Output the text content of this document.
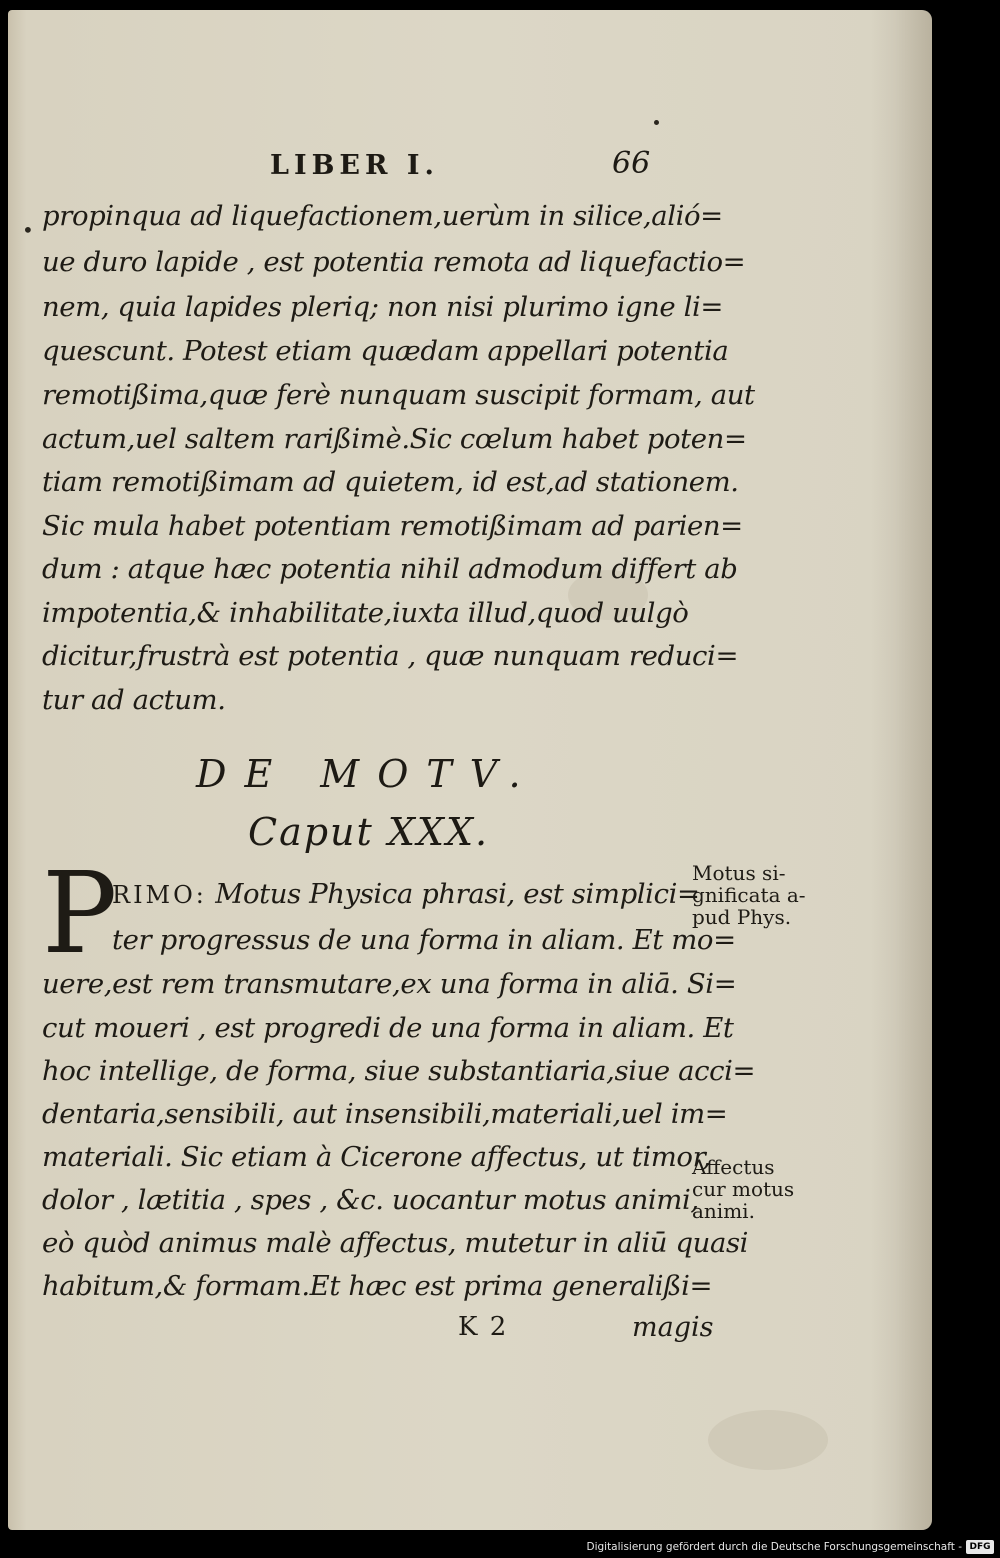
LIBER I.	66
• propinqua ad liquefactionem,uerùm in silice,alió=
ue duro lapide , est potentia remota ad liquefactio=
nem, quia lapides pleriq; non nisi plurimo igne li=
quescunt. Potest etiam quædam appellari potentia
remotißima,quæ ferè nunquam suscipit formam, aut
actum,uel saltem rarißimè.Sic cœlum habet poten=
tiam remotißimam ad quietem, id est,ad stationem.
Sic mula habet potentiam remotißimam ad parien=
dum : atque hæc potentia nihil admodum differt ab
impotentia,& inhabilitate,iuxta illud,quod uulgò
dicitur,frustrà est potentia , quæ nunquam reduci=
tur ad actum.
DE MOTV.
Caput XXX.
P
RIMO: Motus Physica phrasi, est simplici=
ter progressus de una forma in aliam. Et mo=
uere,est rem transmutare,ex una forma in aliā. Si=
cut moueri , est progredi de una forma in aliam. Et
hoc intellige, de forma, siue substantiaria,siue acci=
dentaria,sensibili, aut insensibili,materiali,uel im=
materiali. Sic etiam à Cicerone affectus, ut timor,
dolor , lætitia , spes , &c. uocantur motus animi,
eò quòd animus malè affectus, mutetur in aliū quasi
habitum,& formam.Et hæc est prima generalißi=
Motus si-
gnificata a-
pud Phys.
Affectus
cur motus
animi.
K 2	magis
Digitalisierung gefördert durch die Deutsche Forschungsgemeinschaft - DFG
